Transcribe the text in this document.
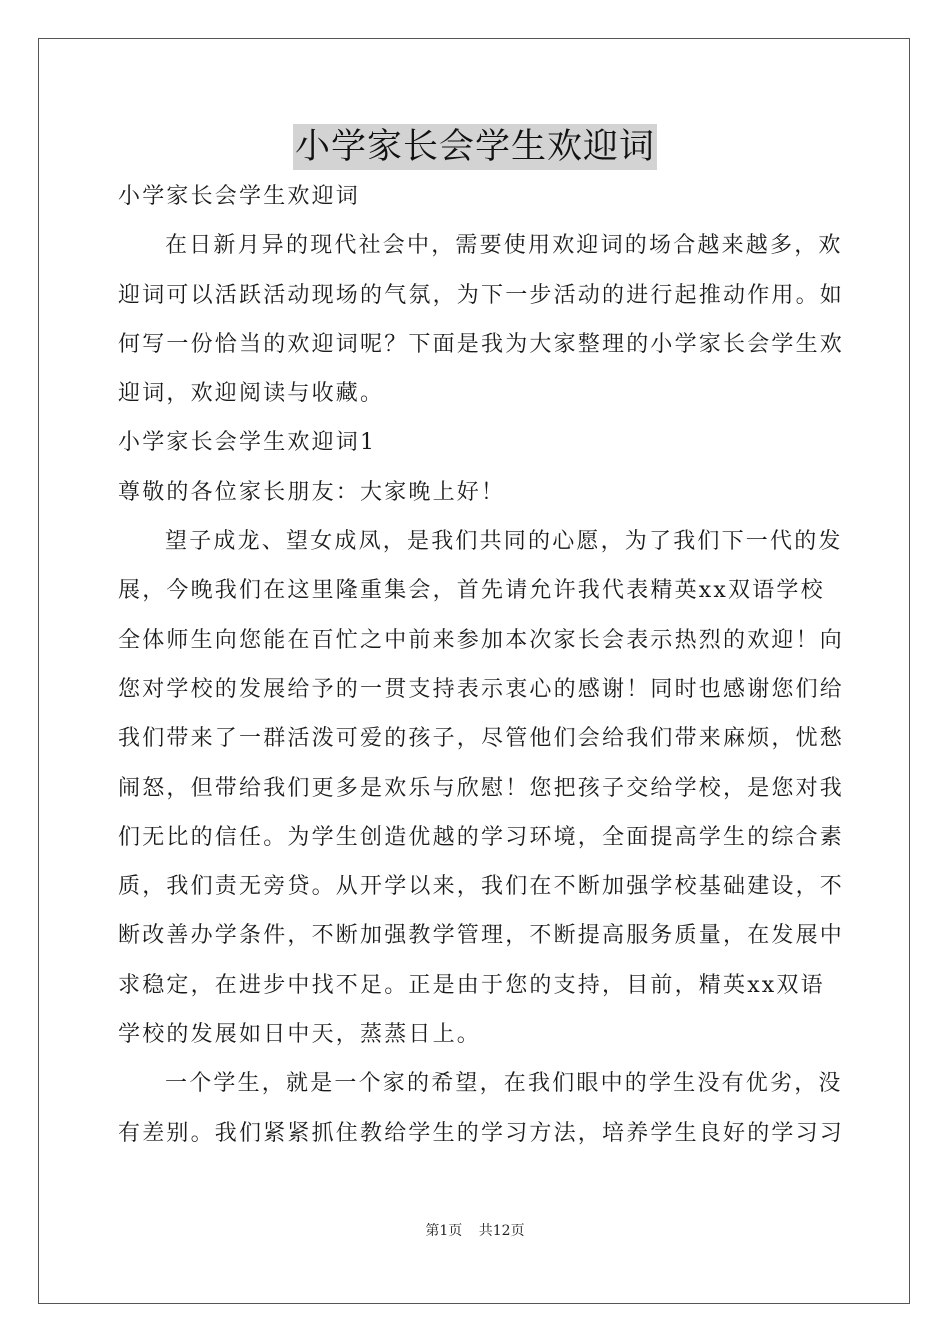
小学家长会学生欢迎词

小学家长会学生欢迎词

在日新月异的现代社会中，需要使用欢迎词的场合越来越多，欢

迎词可以活跃活动现场的气氛，为下一步活动的进行起推动作用。如

何写一份恰当的欢迎词呢？下面是我为大家整理的小学家长会学生欢

迎词，欢迎阅读与收藏。

小学家长会学生欢迎词1

尊敬的各位家长朋友：大家晚上好！

望子成龙、望女成凤，是我们共同的心愿，为了我们下一代的发

展，今晚我们在这里隆重集会，首先请允许我代表精英xx双语学校

全体师生向您能在百忙之中前来参加本次家长会表示热烈的欢迎！向

您对学校的发展给予的一贯支持表示衷心的感谢！同时也感谢您们给

我们带来了一群活泼可爱的孩子，尽管他们会给我们带来麻烦，忧愁

闹怒，但带给我们更多是欢乐与欣慰！您把孩子交给学校，是您对我

们无比的信任。为学生创造优越的学习环境，全面提高学生的综合素

质，我们责无旁贷。从开学以来，我们在不断加强学校基础建设，不

断改善办学条件，不断加强教学管理，不断提高服务质量，在发展中

求稳定，在进步中找不足。正是由于您的支持，目前，精英xx双语

学校的发展如日中天，蒸蒸日上。

一个学生，就是一个家的希望，在我们眼中的学生没有优劣，没

有差别。我们紧紧抓住教给学生的学习方法，培养学生良好的学习习

第1页 共12页
